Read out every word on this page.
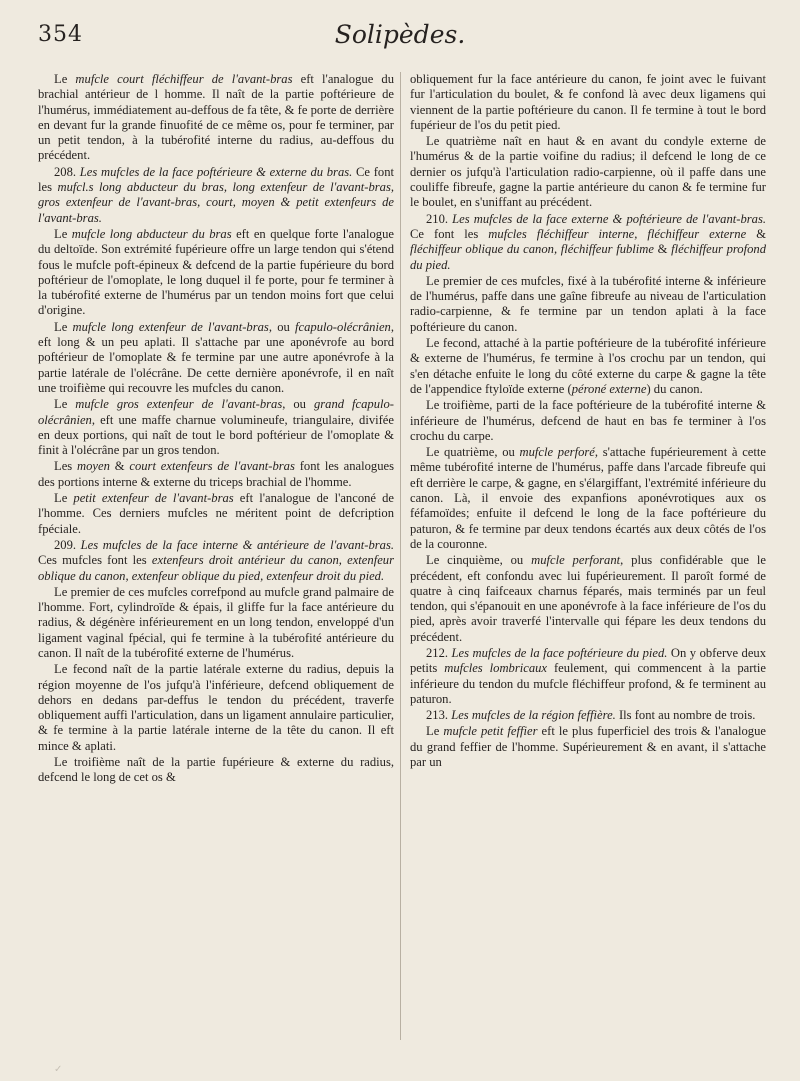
354	Solipèdes.

Le mufcle court fléchiffeur de l'avant-bras eft l'analogue du brachial antérieur de l homme. Il naît de la partie poftérieure de l'humérus, immédiatement au-deffous de fa tête, & fe porte de derrière en devant fur la grande finuofité de ce même os, pour fe terminer, par un petit tendon, à la tubérofité interne du radius, au-deffous du précédent.

208. Les mufcles de la face poftérieure & externe du bras. Ce font les mufcl.s long abducteur du bras, long extenfeur de l'avant-bras, gros extenfeur de l'avant-bras, court, moyen & petit extenfeurs de l'avant-bras.

Le mufcle long abducteur du bras eft en quelque forte l'analogue du deltoïde. Son extrémité fupérieure offre un large tendon qui s'étend fous le mufcle poft-épineux & defcend de la partie fupérieure du bord poftérieur de l'omoplate, le long duquel il fe porte, pour fe terminer à la tubérofité externe de l'humérus par un tendon moins fort que celui d'origine.

Le mufcle long extenfeur de l'avant-bras, ou fcapulo-olécrânien, eft long & un peu aplati. Il s'attache par une aponévrofe au bord poftérieur de l'omoplate & fe termine par une autre aponévrofe à la partie latérale de l'olécrâne. De cette dernière aponévrofe, il en naît une troifième qui recouvre les mufcles du canon.

Le mufcle gros extenfeur de l'avant-bras, ou grand fcapulo-olécrânien, eft une maffe charnue volumineufe, triangulaire, divifée en deux portions, qui naît de tout le bord poftérieur de l'omoplate & finit à l'olécrâne par un gros tendon.

Les moyen & court extenfeurs de l'avant-bras font les analogues des portions interne & externe du triceps brachial de l'homme.

Le petit extenfeur de l'avant-bras eft l'analogue de l'anconé de l'homme. Ces derniers mufcles ne méritent point de defcription fpéciale.

209. Les mufcles de la face interne & antérieure de l'avant-bras. Ces mufcles font les extenfeurs droit antérieur du canon, extenfeur oblique du canon, extenfeur oblique du pied, extenfeur droit du pied.

Le premier de ces mufcles correfpond au mufcle grand palmaire de l'homme. Fort, cylindroïde & épais, il gliffe fur la face antérieure du radius, & dégénère inférieurement en un long tendon, enveloppé d'un ligament vaginal fpécial, qui fe termine à la tubérofité antérieure du canon. Il naît de la tubérofité externe de l'humérus.

Le fecond naît de la partie latérale externe du radius, depuis la région moyenne de l'os jufqu'à l'inférieure, defcend obliquement de dehors en dedans par-deffus le tendon du précédent, traverfe obliquement auffi l'articulation, dans un ligament annulaire particulier, & fe termine à la partie latérale interne de la tête du canon. Il eft mince & aplati.

Le troifième naît de la partie fupérieure & externe du radius, defcend le long de cet os &

obliquement fur la face antérieure du canon, fe joint avec le fuivant fur l'articulation du boulet, & fe confond là avec deux ligamens qui viennent de la partie poftérieure du canon. Il fe termine à tout le bord fupérieur de l'os du petit pied.

Le quatrième naît en haut & en avant du condyle externe de l'humérus & de la partie voifine du radius; il defcend le long de ce dernier os jufqu'à l'articulation radio-carpienne, où il paffe dans une couliffe fibreufe, gagne la partie antérieure du canon & fe termine fur le boulet, en s'uniffant au précédent.

210. Les mufcles de la face externe & poftérieure de l'avant-bras. Ce font les mufcles fléchiffeur interne, fléchiffeur externe & fléchiffeur oblique du canon, fléchiffeur fublime & fléchiffeur profond du pied.

Le premier de ces mufcles, fixé à la tubérofité interne & inférieure de l'humérus, paffe dans une gaîne fibreufe au niveau de l'articulation radio-carpienne, & fe termine par un tendon aplati à la face poftérieure du canon.

Le fecond, attaché à la partie poftérieure de la tubérofité inférieure & externe de l'humérus, fe termine à l'os crochu par un tendon, qui s'en détache enfuite le long du côté externe du carpe & gagne la tête de l'appendice ftyloïde externe (péroné externe) du canon.

Le troifième, parti de la face poftérieure de la tubérofité interne & inférieure de l'humérus, defcend de haut en bas fe terminer à l'os crochu du carpe.

Le quatrième, ou mufcle perforé, s'attache fupérieurement à cette même tubérofité interne de l'humérus, paffe dans l'arcade fibreufe qui eft derrière le carpe, & gagne, en s'élargiffant, l'extrémité inférieure du canon. Là, il envoie des expanfions aponévrotiques aux os féfamoïdes; enfuite il defcend le long de la face poftérieure du paturon, & fe termine par deux tendons écartés aux deux côtés de l'os de la couronne.

Le cinquième, ou mufcle perforant, plus confidérable que le précédent, eft confondu avec lui fupérieurement. Il paroît formé de quatre à cinq faifceaux charnus féparés, mais terminés par un feul tendon, qui s'épanouit en une aponévrofe à la face inférieure de l'os du pied, après avoir traverfé l'intervalle qui fépare les deux tendons du précédent.

212. Les mufcles de la face poftérieure du pied. On y obferve deux petits mufcles lombricaux feulement, qui commencent à la partie inférieure du tendon du mufcle fléchiffeur profond, & fe terminent au paturon.

213. Les mufcles de la région feffière. Ils font au nombre de trois.

Le mufcle petit feffier eft le plus fuperficiel des trois & l'analogue du grand feffier de l'homme. Supérieurement & en avant, il s'attache par un

✓
